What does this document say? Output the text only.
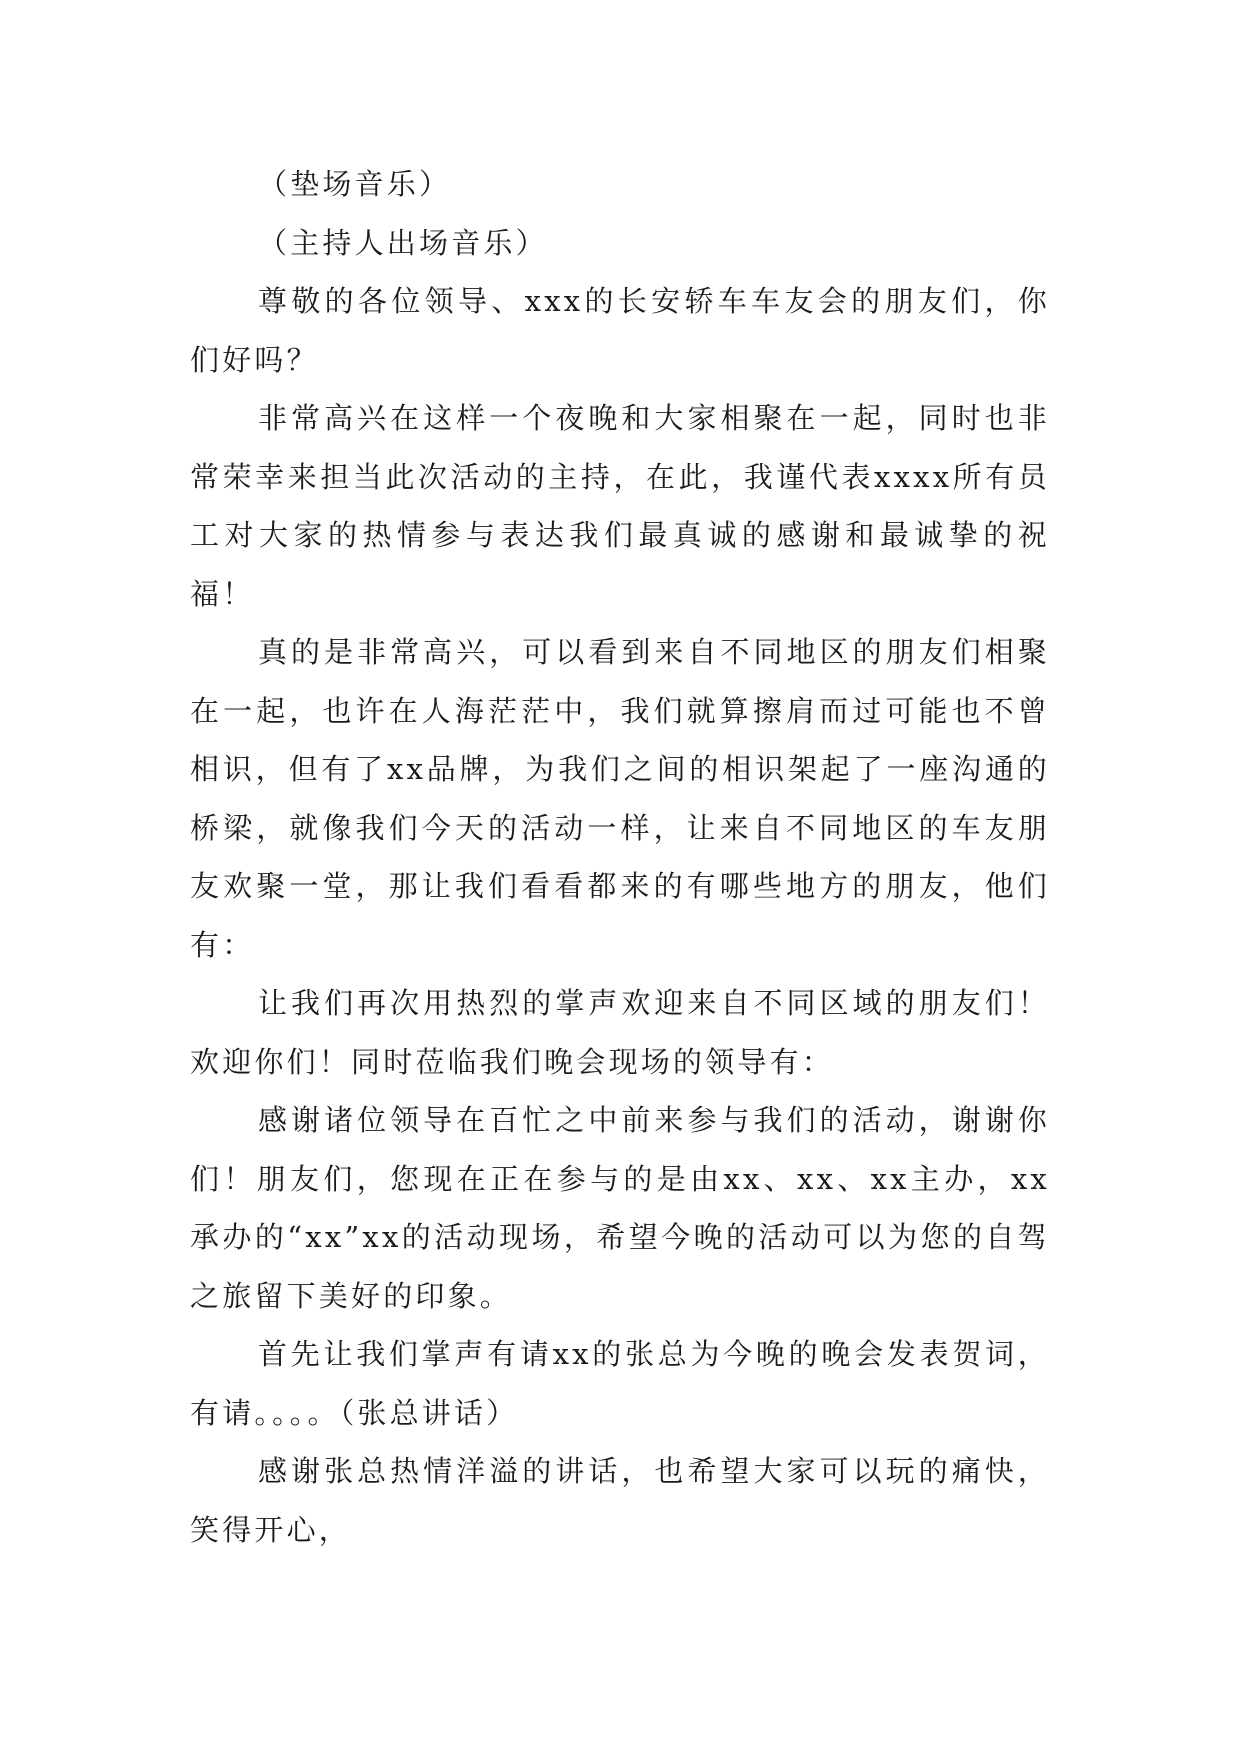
（垫场音乐）

（主持人出场音乐）

尊敬的各位领导、xxx的长安轿车车友会的朋友们，你们好吗？

非常高兴在这样一个夜晚和大家相聚在一起，同时也非常荣幸来担当此次活动的主持，在此，我谨代表xxxx所有员工对大家的热情参与表达我们最真诚的感谢和最诚挚的祝福！

真的是非常高兴，可以看到来自不同地区的朋友们相聚在一起，也许在人海茫茫中，我们就算擦肩而过可能也不曾相识，但有了xx品牌，为我们之间的相识架起了一座沟通的桥梁，就像我们今天的活动一样，让来自不同地区的车友朋友欢聚一堂，那让我们看看都来的有哪些地方的朋友，他们有：

让我们再次用热烈的掌声欢迎来自不同区域的朋友们！欢迎你们！同时莅临我们晚会现场的领导有：

感谢诸位领导在百忙之中前来参与我们的活动，谢谢你们！朋友们，您现在正在参与的是由xx、xx、xx主办，xx承办的“xx”xx的活动现场，希望今晚的活动可以为您的自驾之旅留下美好的印象。

首先让我们掌声有请xx的张总为今晚的晚会发表贺词，有请。。。。（张总讲话）

感谢张总热情洋溢的讲话，也希望大家可以玩的痛快，笑得开心，
